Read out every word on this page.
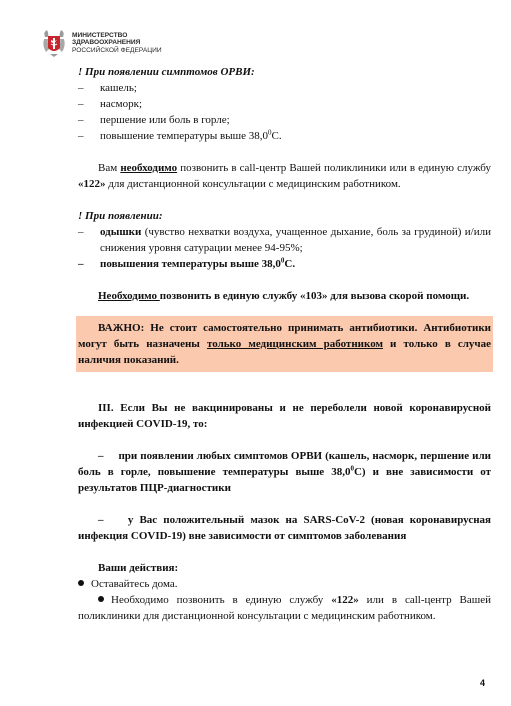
МИНИСТЕРСТВО
ЗДРАВООХРАНЕНИЯ
РОССИЙСКОЙ ФЕДЕРАЦИИ
! При появлении симптомов ОРВИ:
– кашель;
– насморк;
– першение или боль в горле;
– повышение температуры выше 38,0$^0$С.

Вам необходимо позвонить в call-центр Вашей поликлиники или в единую службу «122» для дистанционной консультации с медицинским работником.

! При появлении:
– одышки (чувство нехватки воздуха, учащенное дыхание, боль за грудиной) и/или снижения уровня сатурации менее 94-95%;
– повышения температуры выше 38,0$^0$С.

Необходимо позвонить в единую службу «103» для вызова скорой помощи.

ВАЖНО: Не стоит самостоятельно принимать антибиотики. Антибиотики могут быть назначены только медицинским работником и только в случае наличия показаний.

III. Если Вы не вакцинированы и не переболели новой коронавирусной инфекцией COVID-19, то:

–     при появлении любых симптомов ОРВИ (кашель, насморк, першение или боль в горле, повышение температуры выше 38,0$^0$С) и вне зависимости от результатов ПЦР-диагностики

–    у Вас положительный мазок на SARS-CoV-2 (новая коронавирусная инфекция COVID-19) вне зависимости от симптомов заболевания

Ваши действия:

Оставайтесь дома.

Необходимо позвонить в единую службу «122» или в call-центр Вашей поликлиники для дистанционной консультации с медицинским работником.

4
